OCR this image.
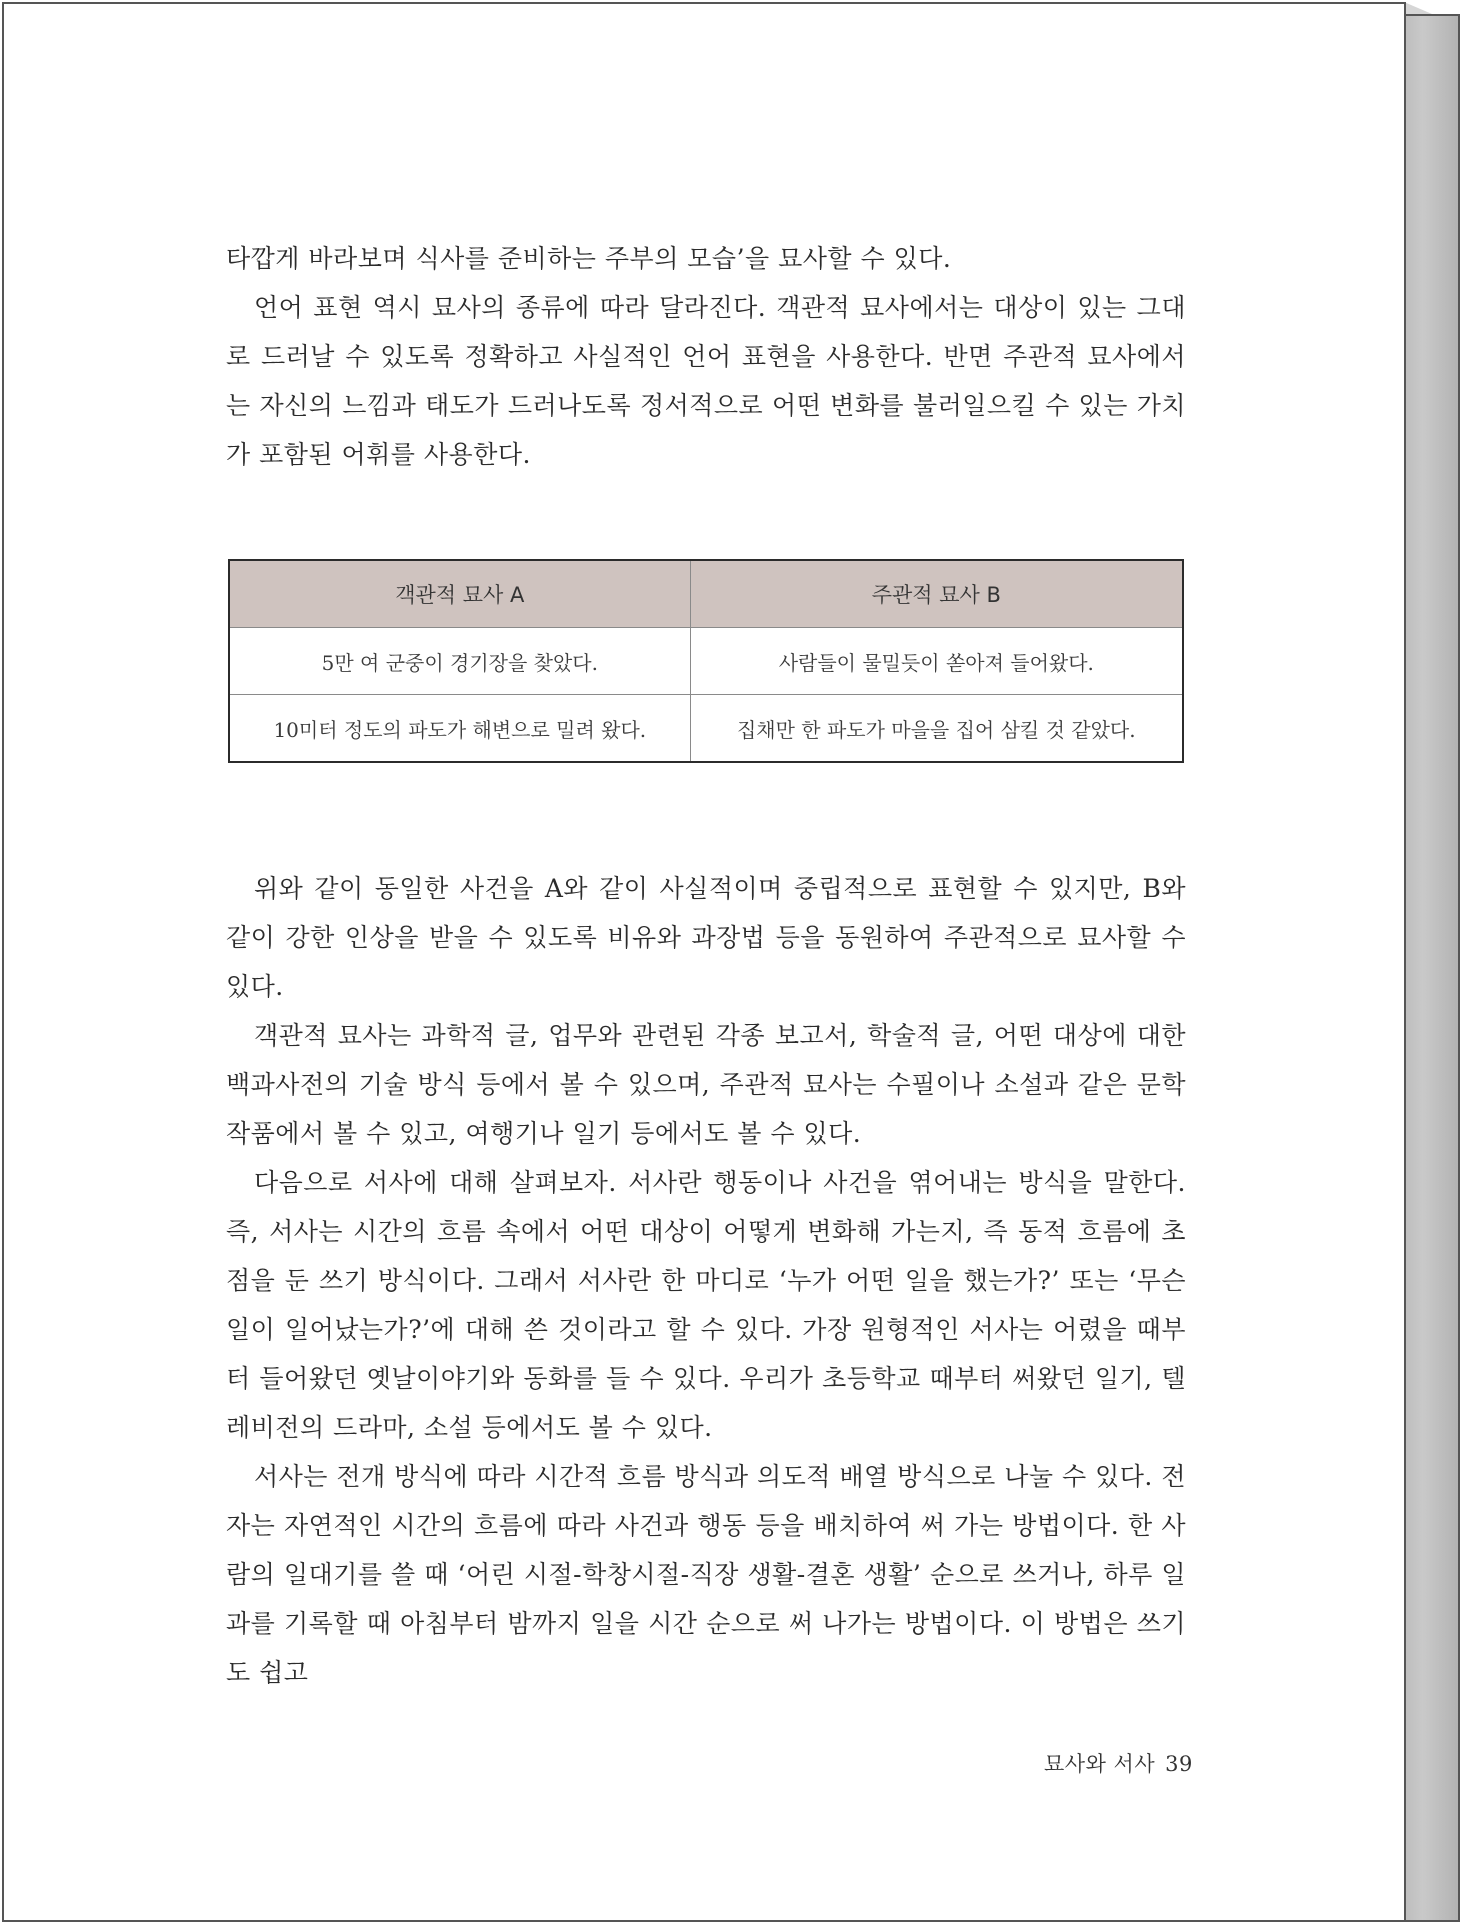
타깝게 바라보며 식사를 준비하는 주부의 모습’을 묘사할 수 있다.

언어 표현 역시 묘사의 종류에 따라 달라진다. 객관적 묘사에서는 대상이 있는 그대로 드러날 수 있도록 정확하고 사실적인 언어 표현을 사용한다. 반면 주관적 묘사에서는 자신의 느낌과 태도가 드러나도록 정서적으로 어떤 변화를 불러일으킬 수 있는 가치가 포함된 어휘를 사용한다.

객관적 묘사 A	주관적 묘사 B
5만 여 군중이 경기장을 찾았다.	사람들이 물밀듯이 쏟아져 들어왔다.
10미터 정도의 파도가 해변으로 밀려 왔다.	집채만 한 파도가 마을을 집어 삼킬 것 같았다.

위와 같이 동일한 사건을 A와 같이 사실적이며 중립적으로 표현할 수 있지만, B와 같이 강한 인상을 받을 수 있도록 비유와 과장법 등을 동원하여 주관적으로 묘사할 수 있다.

객관적 묘사는 과학적 글, 업무와 관련된 각종 보고서, 학술적 글, 어떤 대상에 대한 백과사전의 기술 방식 등에서 볼 수 있으며, 주관적 묘사는 수필이나 소설과 같은 문학 작품에서 볼 수 있고, 여행기나 일기 등에서도 볼 수 있다.

다음으로 서사에 대해 살펴보자. 서사란 행동이나 사건을 엮어내는 방식을 말한다. 즉, 서사는 시간의 흐름 속에서 어떤 대상이 어떻게 변화해 가는지, 즉 동적 흐름에 초점을 둔 쓰기 방식이다. 그래서 서사란 한 마디로 ‘누가 어떤 일을 했는가?’ 또는 ‘무슨 일이 일어났는가?’에 대해 쓴 것이라고 할 수 있다. 가장 원형적인 서사는 어렸을 때부터 들어왔던 옛날이야기와 동화를 들 수 있다. 우리가 초등학교 때부터 써왔던 일기, 텔레비전의 드라마, 소설 등에서도 볼 수 있다.

서사는 전개 방식에 따라 시간적 흐름 방식과 의도적 배열 방식으로 나눌 수 있다. 전자는 자연적인 시간의 흐름에 따라 사건과 행동 등을 배치하여 써 가는 방법이다. 한 사람의 일대기를 쓸 때 ‘어린 시절-학창시절-직장 생활-결혼 생활’ 순으로 쓰거나, 하루 일과를 기록할 때 아침부터 밤까지 일을 시간 순으로 써 나가는 방법이다. 이 방법은 쓰기도 쉽고

묘사와 서사 39
